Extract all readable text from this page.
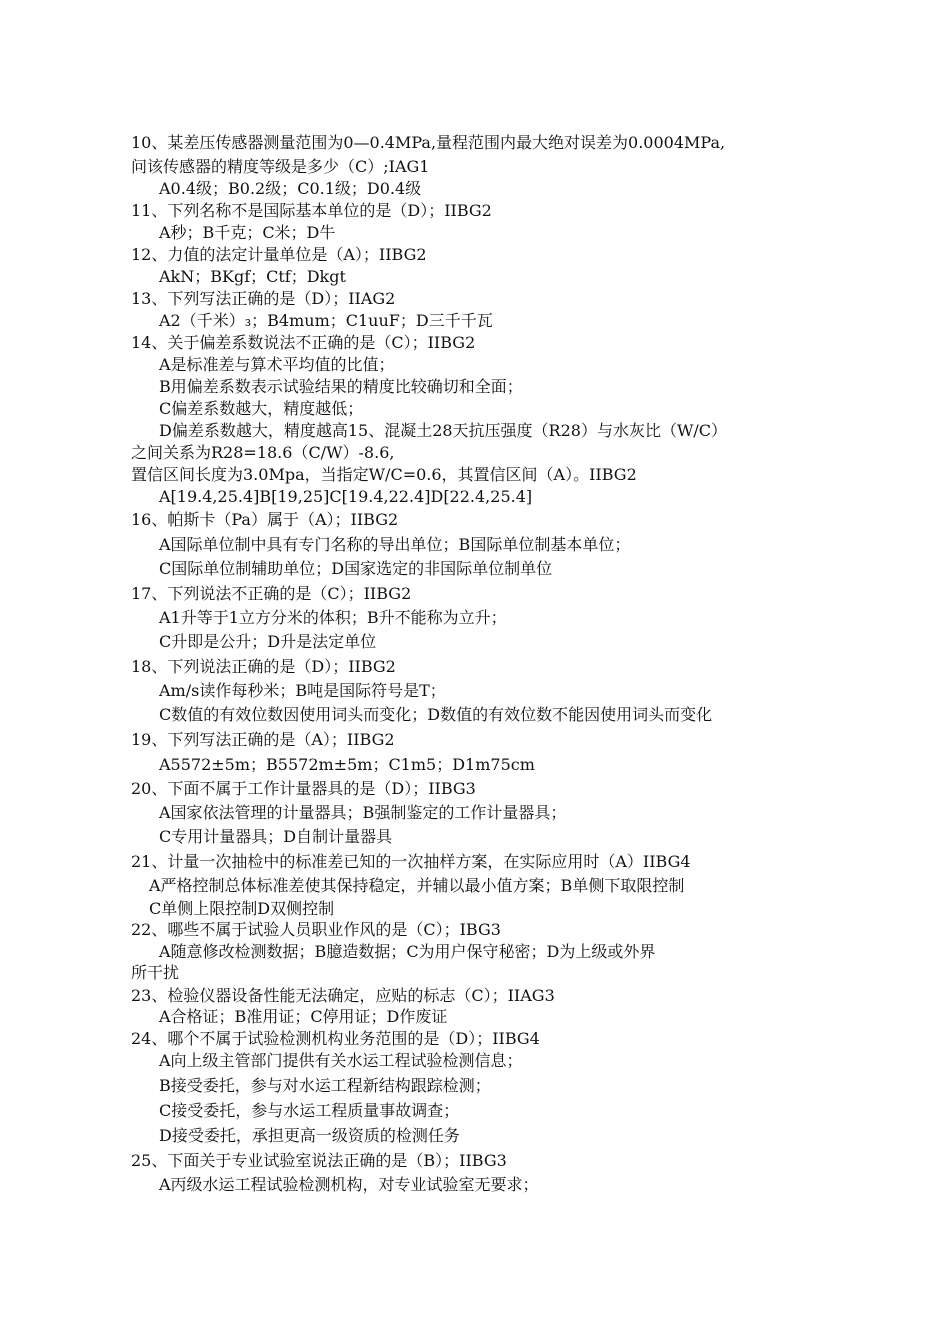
10、某差压传感器测量范围为0—0.4MPa,量程范围内最大绝对误差为0.0004MPa,
问该传感器的精度等级是多少（C）;IAG1
A0.4级；B0.2级；C0.1级；D0.4级
11、下列名称不是国际基本单位的是（D）；IIBG2
A秒；B千克；C米；D牛
12、力值的法定计量单位是（A）；IIBG2
AkN；BKgf；Ctf；Dkgt
13、下列写法正确的是（D）；IIAG2
A2（千米）₃；B4mum；C1uuF；D三千千瓦
14、关于偏差系数说法不正确的是（C）；IIBG2
A是标准差与算术平均值的比值；
B用偏差系数表示试验结果的精度比较确切和全面；
C偏差系数越大，精度越低；
D偏差系数越大，精度越高15、混凝土28天抗压强度（R28）与水灰比（W/C）
之间关系为R28=18.6（C/W）-8.6,
置信区间长度为3.0Mpa，当指定W/C=0.6，其置信区间（A）。IIBG2
A[19.4,25.4]B[19,25]C[19.4,22.4]D[22.4,25.4]
16、帕斯卡（Pa）属于（A）；IIBG2
A国际单位制中具有专门名称的导出单位；B国际单位制基本单位；
C国际单位制辅助单位；D国家选定的非国际单位制单位
17、下列说法不正确的是（C）；IIBG2
A1升等于1立方分米的体积；B升不能称为立升；
C升即是公升；D升是法定单位
18、下列说法正确的是（D）；IIBG2
Am/s读作每秒米；B吨是国际符号是T；
C数值的有效位数因使用词头而变化；D数值的有效位数不能因使用词头而变化
19、下列写法正确的是（A）；IIBG2
A5572±5m；B5572m±5m；C1m5；D1m75cm
20、下面不属于工作计量器具的是（D）；IIBG3
A国家依法管理的计量器具；B强制鉴定的工作计量器具；
C专用计量器具；D自制计量器具
21、计量一次抽检中的标准差已知的一次抽样方案，在实际应用时（A）IIBG4
A严格控制总体标准差使其保持稳定，并辅以最小值方案；B单侧下取限控制
C单侧上限控制D双侧控制
22、哪些不属于试验人员职业作风的是（C）；IBG3
A随意修改检测数据；B臆造数据；C为用户保守秘密；D为上级或外界
所干扰
23、检验仪器设备性能无法确定，应贴的标志（C）；IIAG3
A合格证；B准用证；C停用证；D作废证
24、哪个不属于试验检测机构业务范围的是（D）；IIBG4
A向上级主管部门提供有关水运工程试验检测信息；
B接受委托，参与对水运工程新结构跟踪检测；
C接受委托，参与水运工程质量事故调查；
D接受委托，承担更高一级资质的检测任务
25、下面关于专业试验室说法正确的是（B）；IIBG3
A丙级水运工程试验检测机构，对专业试验室无要求；
